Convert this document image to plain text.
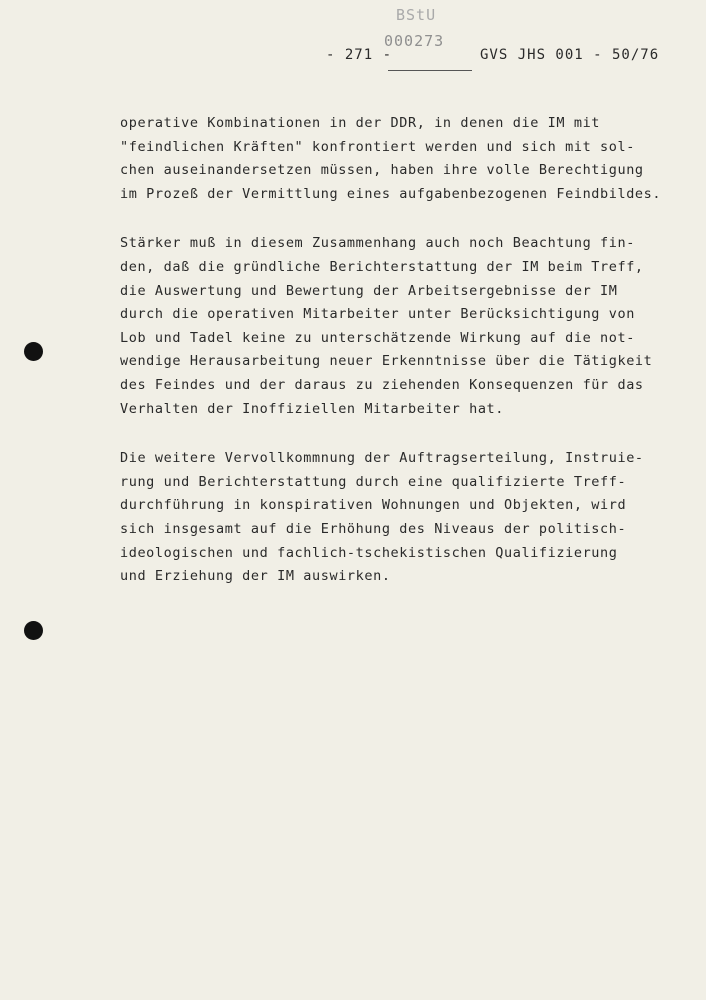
BStU
000273
- 271 -	GVS JHS 001 - 50/76
operative Kombinationen in der DDR, in denen die IM mit
"feindlichen Kräften" konfrontiert werden und sich mit sol-
chen auseinandersetzen müssen, haben ihre volle Berechtigung
im Prozeß der Vermittlung eines aufgabenbezogenen Feindbildes.
Stärker muß in diesem Zusammenhang auch noch Beachtung fin-
den, daß die gründliche Berichterstattung der IM beim Treff,
die Auswertung und Bewertung der Arbeitsergebnisse der IM
durch die operativen Mitarbeiter unter Berücksichtigung von
Lob und Tadel keine zu unterschätzende Wirkung auf die not-
wendige Herausarbeitung neuer Erkenntnisse über die Tätigkeit
des Feindes und der daraus zu ziehenden Konsequenzen für das
Verhalten der Inoffiziellen Mitarbeiter hat.
Die weitere Vervollkommnung der Auftragserteilung, Instruie-
rung und Berichterstattung durch eine qualifizierte Treff-
durchführung in konspirativen Wohnungen und Objekten, wird
sich insgesamt auf die Erhöhung des Niveaus der politisch-
ideologischen und fachlich-tschekistischen Qualifizierung
und Erziehung der IM auswirken.
